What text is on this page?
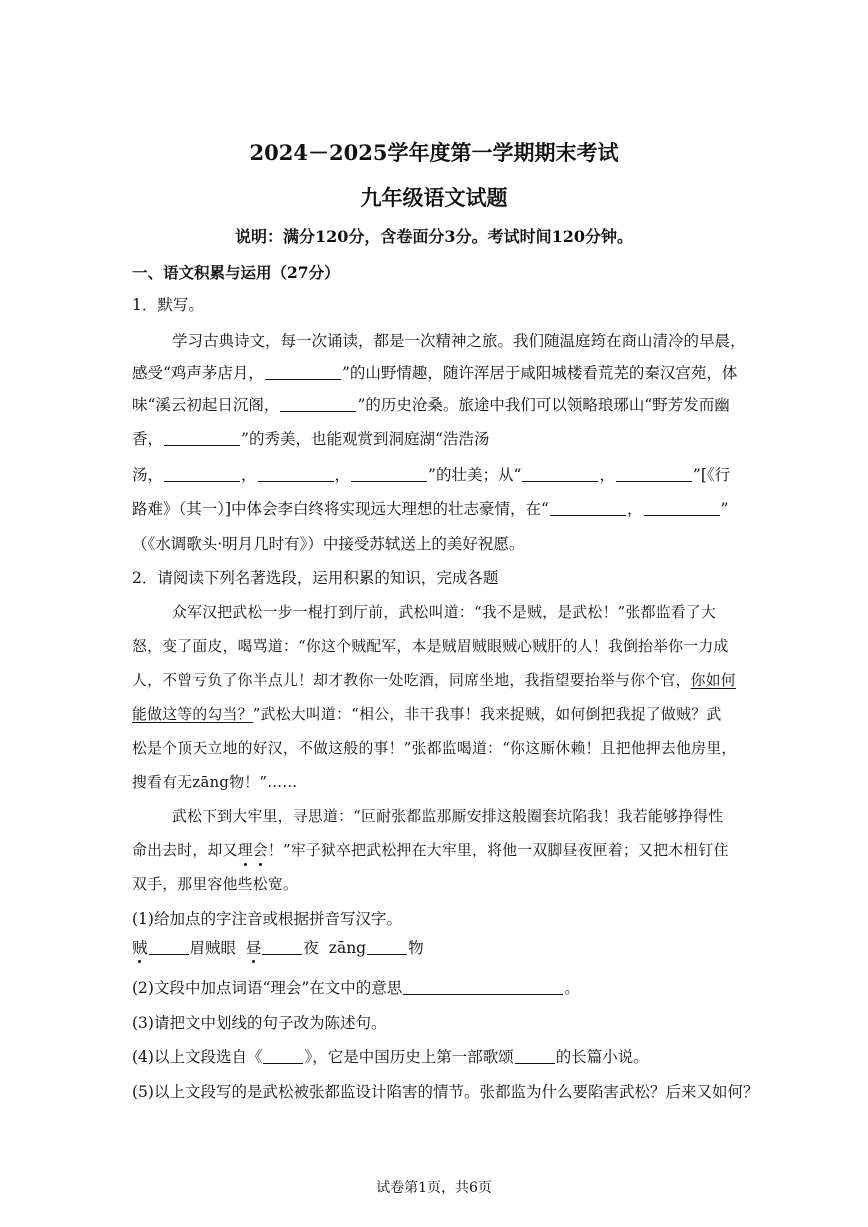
2024－2025学年度第一学期期末考试
九年级语文试题
说明：满分120分，含卷面分3分。考试时间120分钟。
一、语文积累与运用（27分）
1．默写。
学习古典诗文，每一次诵读，都是一次精神之旅。我们随温庭筠在商山清冷的早晨，
感受“鸡声茅店月，	”的山野情趣，随许浑居于咸阳城楼看荒芜的秦汉宫苑，体
味“溪云初起日沉阁，	”的历史沧桑。旅途中我们可以领略琅琊山“野芳发而幽
香，	”的秀美，也能观赏到洞庭湖“浩浩汤
汤，	，	，	”的壮美；从“	，	”[《行
路难》（其一）]中体会李白终将实现远大理想的壮志豪情，在“	，	”
（《水调歌头·明月几时有》）中接受苏轼送上的美好祝愿。
2．请阅读下列名著选段，运用积累的知识，完成各题
众军汉把武松一步一棍打到厅前，武松叫道：“我不是贼，是武松！”张都监看了大
怒，变了面皮，喝骂道：“你这个贼配军，本是贼眉贼眼贼心贼肝的人！我倒抬举你一力成
人，不曾亏负了你半点儿！却才教你一处吃酒，同席坐地，我指望要抬举与你个官，你如何
能做这等的勾当？”武松大叫道：“相公，非干我事！我来捉贼，如何倒把我捉了做贼？武
松是个顶天立地的好汉，不做这般的事！”张都监喝道：“你这厮休赖！且把他押去他房里，
搜看有无zāng物！”……
武松下到大牢里，寻思道：“叵耐张都监那厮安排这般圈套坑陷我！我若能够挣得性
命出去时，却又理会！”牢子狱卒把武松押在大牢里，将他一双脚昼夜匣着；又把木杻钉住
双手，那里容他些松宽。
(1)给加点的字注音或根据拼音写汉字。
贼	眉贼眼 昼	夜 zāng	物
(2)文段中加点词语“理会”在文中的意思	。
(3)请把文中划线的句子改为陈述句。
(4)以上文段选自《	》，它是中国历史上第一部歌颂	的长篇小说。
(5)以上文段写的是武松被张都监设计陷害的情节。张都监为什么要陷害武松？后来又如何？
试卷第1页，共6页
